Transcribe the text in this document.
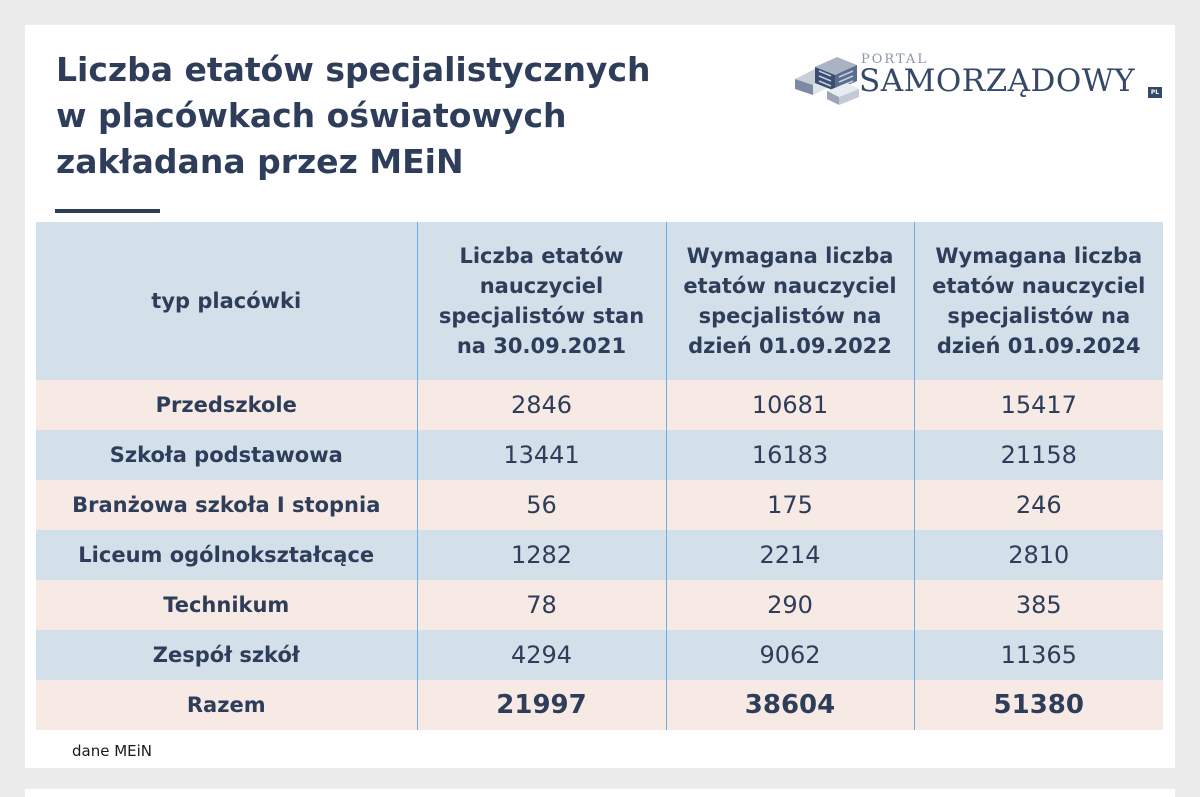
Liczba etatów specjalistycznych
w placówkach oświatowych
zakładana przez MEiN
PORTAL
SAMORZĄDOWY	PL
typ placówki	Liczba etatów nauczyciel specjalistów stan na 30.09.2021	Wymagana liczba etatów nauczyciel specjalistów na dzień 01.09.2022	Wymagana liczba etatów nauczyciel specjalistów na dzień 01.09.2024
Przedszkole	2846	10681	15417
Szkoła podstawowa	13441	16183	21158
Branżowa szkoła I stopnia	56	175	246
Liceum ogólnokształcące	1282	2214	2810
Technikum	78	290	385
Zespół szkół	4294	9062	11365
Razem	21997	38604	51380
dane MEiN
